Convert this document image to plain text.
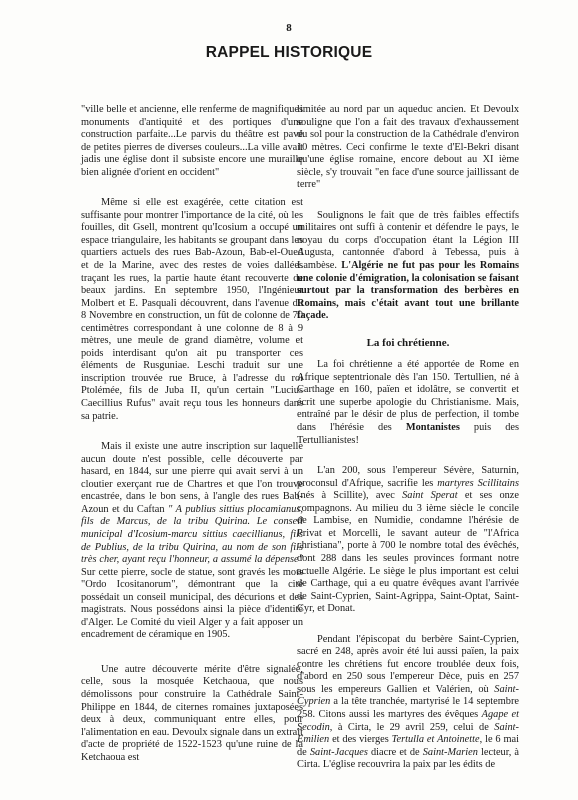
8
RAPPEL HISTORIQUE

"ville belle et ancienne, elle renferme de magnifiques monuments d'antiquité et des portiques d'une construction parfaite...Le parvis du théâtre est pavé de petites pierres de diverses couleurs...La ville avait jadis une église dont il subsiste encore une muraille bien alignée d'orient en occident"

Même si elle est exagérée, cette citation est suffisante pour montrer l'importance de la cité, où les fouilles, dit Gsell, montrent qu'Icosium a occupé un espace triangulaire, les habitants se groupant dans les quartiers actuels des rues Bab-Azoun, Bab-el-Oued et de la Marine, avec des restes de voies dallées traçant les rues, la partie haute étant recouverte de beaux jardins. En septembre 1950, l'Ingénieur Molbert et E. Pasquali découvrent, dans l'avenue du 8 Novembre en construction, un fût de colonne de 70 centimètres correspondant à une colonne de 8 à 9 mètres, une meule de grand diamètre, volume et poids interdisant qu'on ait pu transporter ces éléments de Rusguniae. Leschi traduit sur une inscription trouvée rue Bruce, à l'adresse du roi Ptolémée, fils de Juba II, qu'un certain "Lucius Caecillius Rufus" avait reçu tous les honneurs dans sa patrie.

Mais il existe une autre inscription sur laquelle aucun doute n'est possible, celle découverte par hasard, en 1844, sur une pierre qui avait servi à un cloutier exerçant rue de Chartres et que l'on trouve encastrée, dans le bon sens, à l'angle des rues Bab-Azoun et du Caftan " A publius sittius plocamianus, fils de Marcus, de la tribu Quirina. Le conseil municipal d'Icosium-marcu sittius caecillianus, fils de Publius, de la tribu Quirina, au nom de son fils très cher, ayant reçu l'honneur, a assumé la dépense" Sur cette pierre, socle de statue, sont gravés les mots "Ordo Icositanorum", démontrant que la cité possédait un conseil municipal, des décurions et des magistrats. Nous possédons ainsi la pièce d'identité d'Alger. Le Comité du vieil Alger y a fait apposer un encadrement de céramique en 1905.

Une autre découverte mérite d'être signalée, celle, sous la mosquée Ketchaoua, que nous démolissons pour construire la Cathédrale Saint-Philippe en 1844, de citernes romaines juxtaposées deux à deux, communiquant entre elles, pour l'alimentation en eau. Devoulx signale dans un extrait d'acte de propriété de 1522-1523 qu'une ruine de la Ketchaoua est

limitée au nord par un aqueduc ancien. Et Devoulx souligne que l'on a fait des travaux d'exhaussement du sol pour la construction de la Cathédrale d'environ 10 mètres. Ceci confirme le texte d'El-Bekri disant qu'une église romaine, encore debout au XI ième siècle, s'y trouvait "en face d'une source jaillissant de terre"

Soulignons le fait que de très faibles effectifs militaires ont suffi à contenir et défendre le pays, le noyau du corps d'occupation étant la Légion III Augusta, cantonnée d'abord à Tebessa, puis à Lambèse. L'Algérie ne fut pas pour les Romains une colonie d'émigration, la colonisation se faisant surtout par la transformation des berbères en Romains, mais c'était avant tout une brillante façade.

La foi chrétienne.

La foi chrétienne a été apportée de Rome en Afrique septentrionale dès l'an 150. Tertullien, né à Carthage en 160, païen et idolâtre, se convertit et écrit une superbe apologie du Christianisme. Mais, entraîné par le désir de plus de perfection, il tombe dans l'hérésie des Montanistes puis des Tertullianistes!

L'an 200, sous l'empereur Sévère, Saturnin, proconsul d'Afrique, sacrifie les martyres Scillitains (nés à Scillite), avec Saint Sperat et ses onze compagnons. Au milieu du 3 ième siècle le concile de Lambise, en Numidie, condamne l'hérésie de Privat et Morcelli, le savant auteur de "l'Africa christiana", porte à 700 le nombre total des évêchés, dont 288 dans les seules provinces formant notre actuelle Algérie. Le siège le plus important est celui de Carthage, qui a eu quatre évêques avant l'arrivée de Saint-Cyprien, Saint-Agrippa, Saint-Optat, Saint-Cyr, et Donat.

Pendant l'épiscopat du berbère Saint-Cyprien, sacré en 248, après avoir été lui aussi païen, la paix contre les chrétiens fut encore troublée deux fois, d'abord en 250 sous l'empereur Dèce, puis en 257 sous les empereurs Gallien et Valérien, où Saint-Cyprien a la tête tranchée, martyrisé le 14 septembre 258. Citons aussi les martyres des évêques Agape et Secodin, à Cirta, le 29 avril 259, celui de Saint-Emilien et des vierges Tertulla et Antoinette, le 6 mai de Saint-Jacques diacre et de Saint-Marien lecteur, à Cirta. L'église recouvrira la paix par les édits de
